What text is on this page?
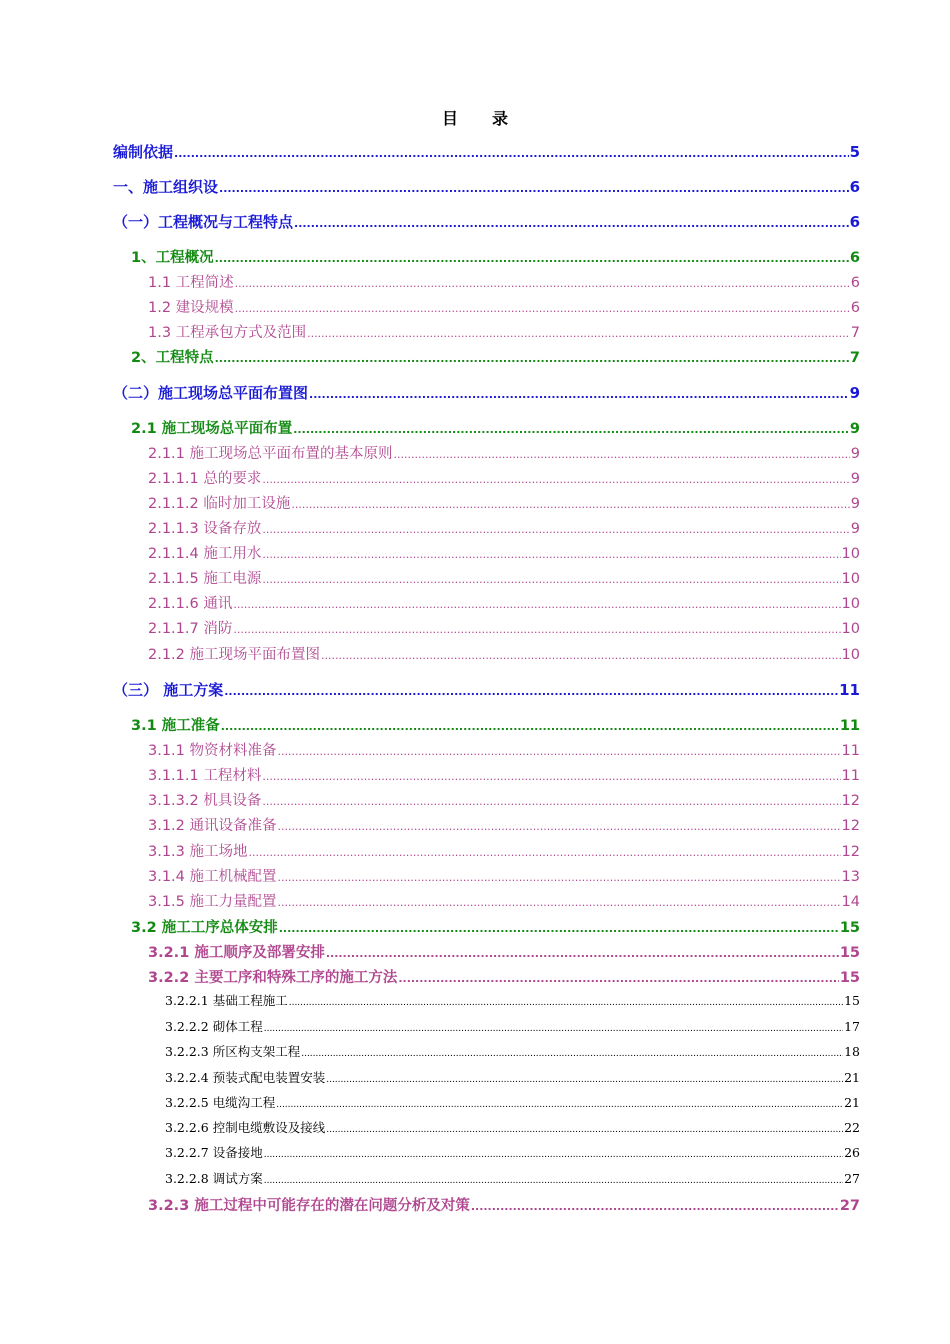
目 录
编制依据 .....	5
一、施工组织设 .....	6
（一）工程概况与工程特点 .....	6
1、工程概况 .....	6
1.1 工程简述 .....	6
1.2 建设规模 .....	6
1.3 工程承包方式及范围 .....	7
2、工程特点 .....	7
（二）施工现场总平面布置图 .....	9
2.1 施工现场总平面布置 .....	9
2.1.1 施工现场总平面布置的基本原则 .....	9
2.1.1.1 总的要求 .....	9
2.1.1.2 临时加工设施 .....	9
2.1.1.3 设备存放 .....	9
2.1.1.4 施工用水 .....	10
2.1.1.5 施工电源 .....	10
2.1.1.6 通讯 .....	10
2.1.1.7 消防 .....	10
2.1.2 施工现场平面布置图 .....	10
（三） 施工方案 .....	11
3.1 施工准备 .....	11
3.1.1 物资材料准备 .....	11
3.1.1.1 工程材料 .....	11
3.1.3.2 机具设备 .....	12
3.1.2 通讯设备准备 .....	12
3.1.3 施工场地 .....	12
3.1.4 施工机械配置 .....	13
3.1.5 施工力量配置 .....	14
3.2 施工工序总体安排 .....	15
3.2.1 施工顺序及部署安排 .....	15
3.2.2 主要工序和特殊工序的施工方法 .....	15
3.2.2.1 基础工程施工 .....	15
3.2.2.2 砌体工程 .....	17
3.2.2.3 所区构支架工程 .....	18
3.2.2.4 预装式配电装置安装 .....	21
3.2.2.5 电缆沟工程 .....	21
3.2.2.6 控制电缆敷设及接线 .....	22
3.2.2.7 设备接地 .....	26
3.2.2.8 调试方案 .....	27
3.2.3 施工过程中可能存在的潜在问题分析及对策 .....	27
